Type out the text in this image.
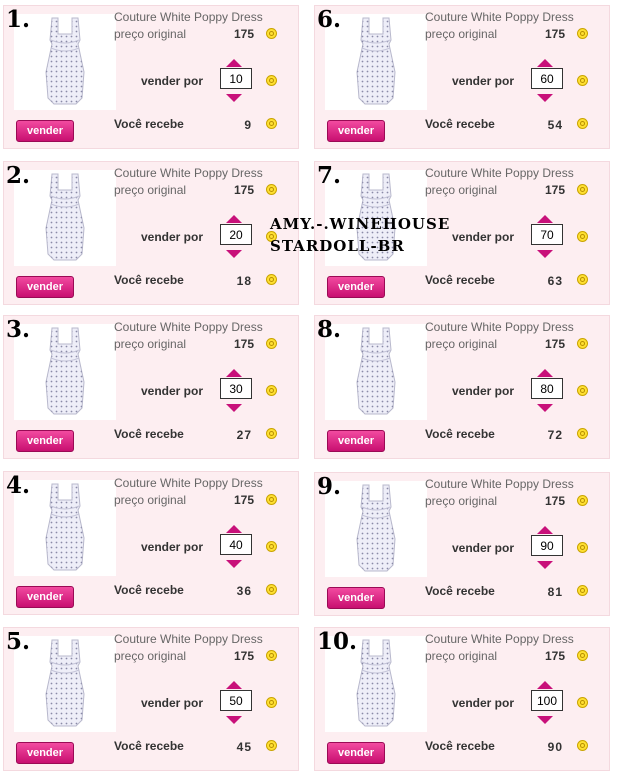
1.	Couture White Poppy Dress
preço original	175
vender por
10
Você recebe	9
vender
2.	Couture White Poppy Dress
preço original	175
vender por
20
Você recebe	18
vender
3.	Couture White Poppy Dress
preço original	175
vender por
30
Você recebe	27
vender
4.	Couture White Poppy Dress
preço original	175
vender por
40
Você recebe	36
vender
5.	Couture White Poppy Dress
preço original	175
vender por
50
Você recebe	45
vender
6.	Couture White Poppy Dress
preço original	175
vender por
60
Você recebe	54
vender
7.	Couture White Poppy Dress
preço original	175
vender por
70
Você recebe	63
vender
8.	Couture White Poppy Dress
preço original	175
vender por
80
Você recebe	72
vender
9.	Couture White Poppy Dress
preço original	175
vender por
90
Você recebe	81
vender
10.	Couture White Poppy Dress
preço original	175
vender por
100
Você recebe	90
vender
AMY.-.WINEHOUSE
STARDOLL-BR
